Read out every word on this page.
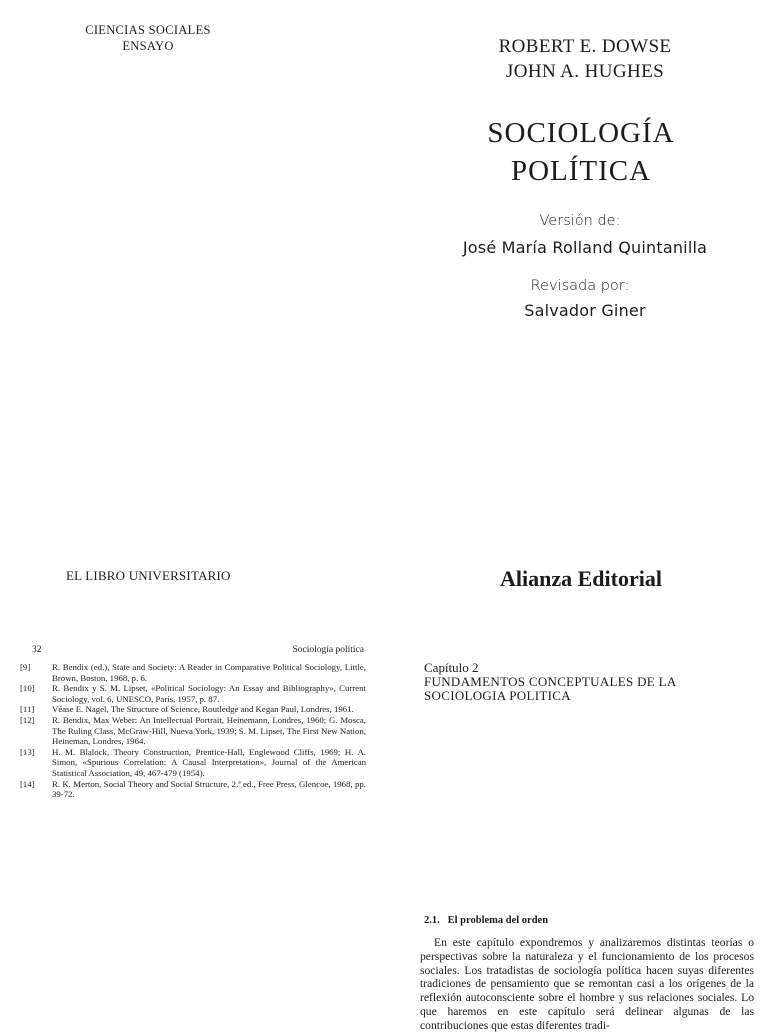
CIENCIAS SOCIALES
ENSAYO
EL LIBRO UNIVERSITARIO
ROBERT E. DOWSE
JOHN A. HUGHES
SOCIOLOGÍA
POLÍTICA
Versión de:
José María Rolland Quintanilla
Revisada por:
Salvador Giner
Alianza Editorial
32	Sociología política
[9]	R. Bendix (ed.), State and Society: A Reader in Comparative Political Sociology, Little, Brown, Boston, 1968, p. 6.
[10]	R. Bendix y S. M. Lipset, «Political Sociology: An Essay and Bibliography», Current Sociology, vol. 6, UNESCO, París, 1957, p. 87.
[11]	Véase E. Nagel, The Structure of Science, Routledge and Kegan Paul, Londres, 1961.
[12]	R. Bendix, Max Weber: An Intellectual Portrait, Heinemann, Londres, 1960; G. Mosca, The Ruling Class, McGraw-Hill, Nueva York, 1939; S. M. Lipset, The First New Nation, Heineman, Londres, 1964.
[13]	H. M. Blalock, Theory Construction, Prentice-Hall, Englewood Cliffs, 1969; H. A. Simon, «Spurious Correlation: A Causal Interpretation», Journal of the American Statistical Association, 49, 467-479 (1954).
[14]	R. K. Merton, Social Theory and Social Structure, 2.ª ed., Free Press, Glencoe, 1968, pp. 39-72.
Capítulo 2
FUNDAMENTOS CONCEPTUALES DE LA
SOCIOLOGIA POLITICA
2.1.   El problema del orden
En este capítulo expondremos y analizaremos distintas teorías o perspectivas sobre la naturaleza y el funcionamiento de los procesos sociales. Los tratadistas de sociología política hacen suyas diferentes tradiciones de pensamiento que se remontan casi a los orígenes de la reflexión autoconsciente sobre el hombre y sus relaciones sociales. Lo que haremos en este capítulo será delinear algunas de las contribuciones que estas diferentes tradi-
